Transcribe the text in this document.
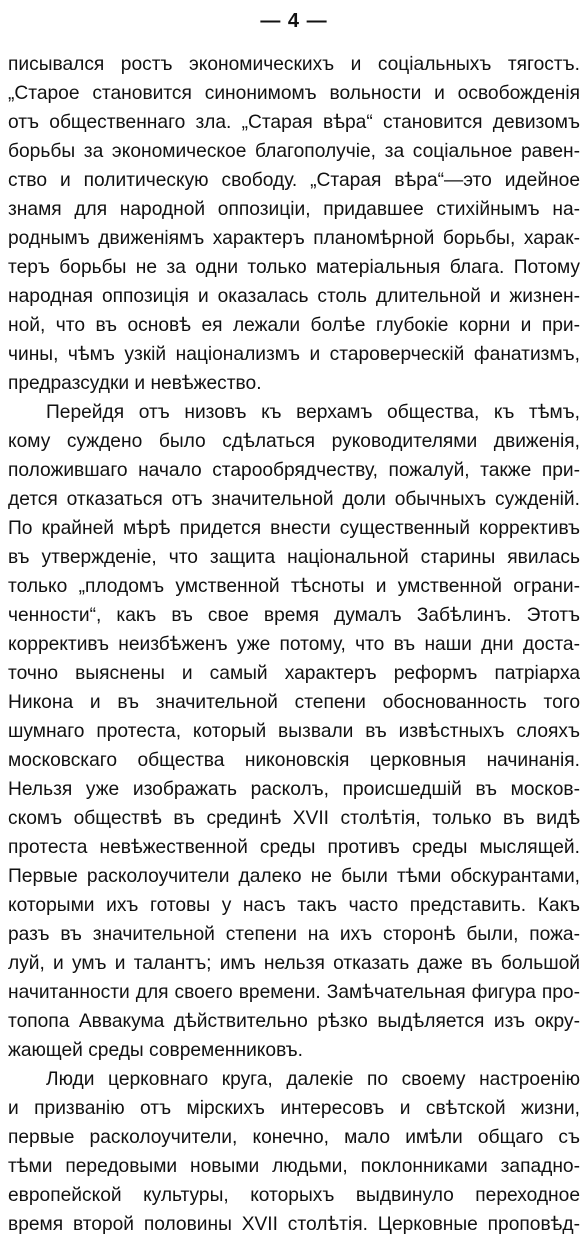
— 4 —
писывался ростъ экономическихъ и соціальныхъ тягостъ.
„Старое становится синонимомъ вольности и освобожденія
отъ общественнаго зла. „Старая вѣра“ становится девизомъ
борьбы за экономическое благополучіе, за соціальное равен-
ство и политическую свободу. „Старая вѣра“—это идейное
знамя для народной оппозиціи, придавшее стихійнымъ на-
роднымъ движеніямъ характеръ планомѣрной борьбы, харак-
теръ борьбы не за одни только матеріальныя блага. Потому
народная оппозиція и оказалась столь длительной и жизнен-
ной, что въ основѣ ея лежали болѣе глубокіе корни и при-
чины, чѣмъ узкій націонализмъ и староверческій фанатизмъ,
предразсудки и невѣжество.
Перейдя отъ низовъ къ верхамъ общества, къ тѣмъ,
кому суждено было сдѣлаться руководителями движенія,
положившаго начало старообрядчеству, пожалуй, также при-
дется отказаться отъ значительной доли обычныхъ сужденій.
По крайней мѣрѣ придется внести существенный коррективъ
въ утвержденіе, что защита національной старины явилась
только „плодомъ умственной тѣсноты и умственной ограни-
ченности“, какъ въ свое время думалъ Забѣлинъ. Этотъ
коррективъ неизбѣженъ уже потому, что въ наши дни доста-
точно выяснены и самый характеръ реформъ патріарха
Никона и въ значительной степени обоснованность того
шумнаго протеста, который вызвали въ извѣстныхъ слояхъ
московскаго общества никоновскія церковныя начинанія.
Нельзя уже изображать расколъ, происшедшій въ москов-
скомъ обществѣ въ срединѣ XVII столѣтія, только въ видѣ
протеста невѣжественной среды противъ среды мыслящей.
Первые расколоучители далеко не были тѣми обскурантами,
которыми ихъ готовы у насъ такъ часто представить. Какъ
разъ въ значительной степени на ихъ сторонѣ были, пожа-
луй, и умъ и талантъ; имъ нельзя отказать даже въ большой
начитанности для своего времени. Замѣчательная фигура про-
топопа Аввакума дѣйствительно рѣзко выдѣляется изъ окру-
жающей среды современниковъ.
Люди церковнаго круга, далекіе по своему настроенію
и призванію отъ мірскихъ интересовъ и свѣтской жизни,
первые расколоучители, конечно, мало имѣли общаго съ
тѣми передовыми новыми людьми, поклонниками западно-
европейской культуры, которыхъ выдвинуло переходное
время второй половины XVII столѣтія. Церковные проповѣд-
